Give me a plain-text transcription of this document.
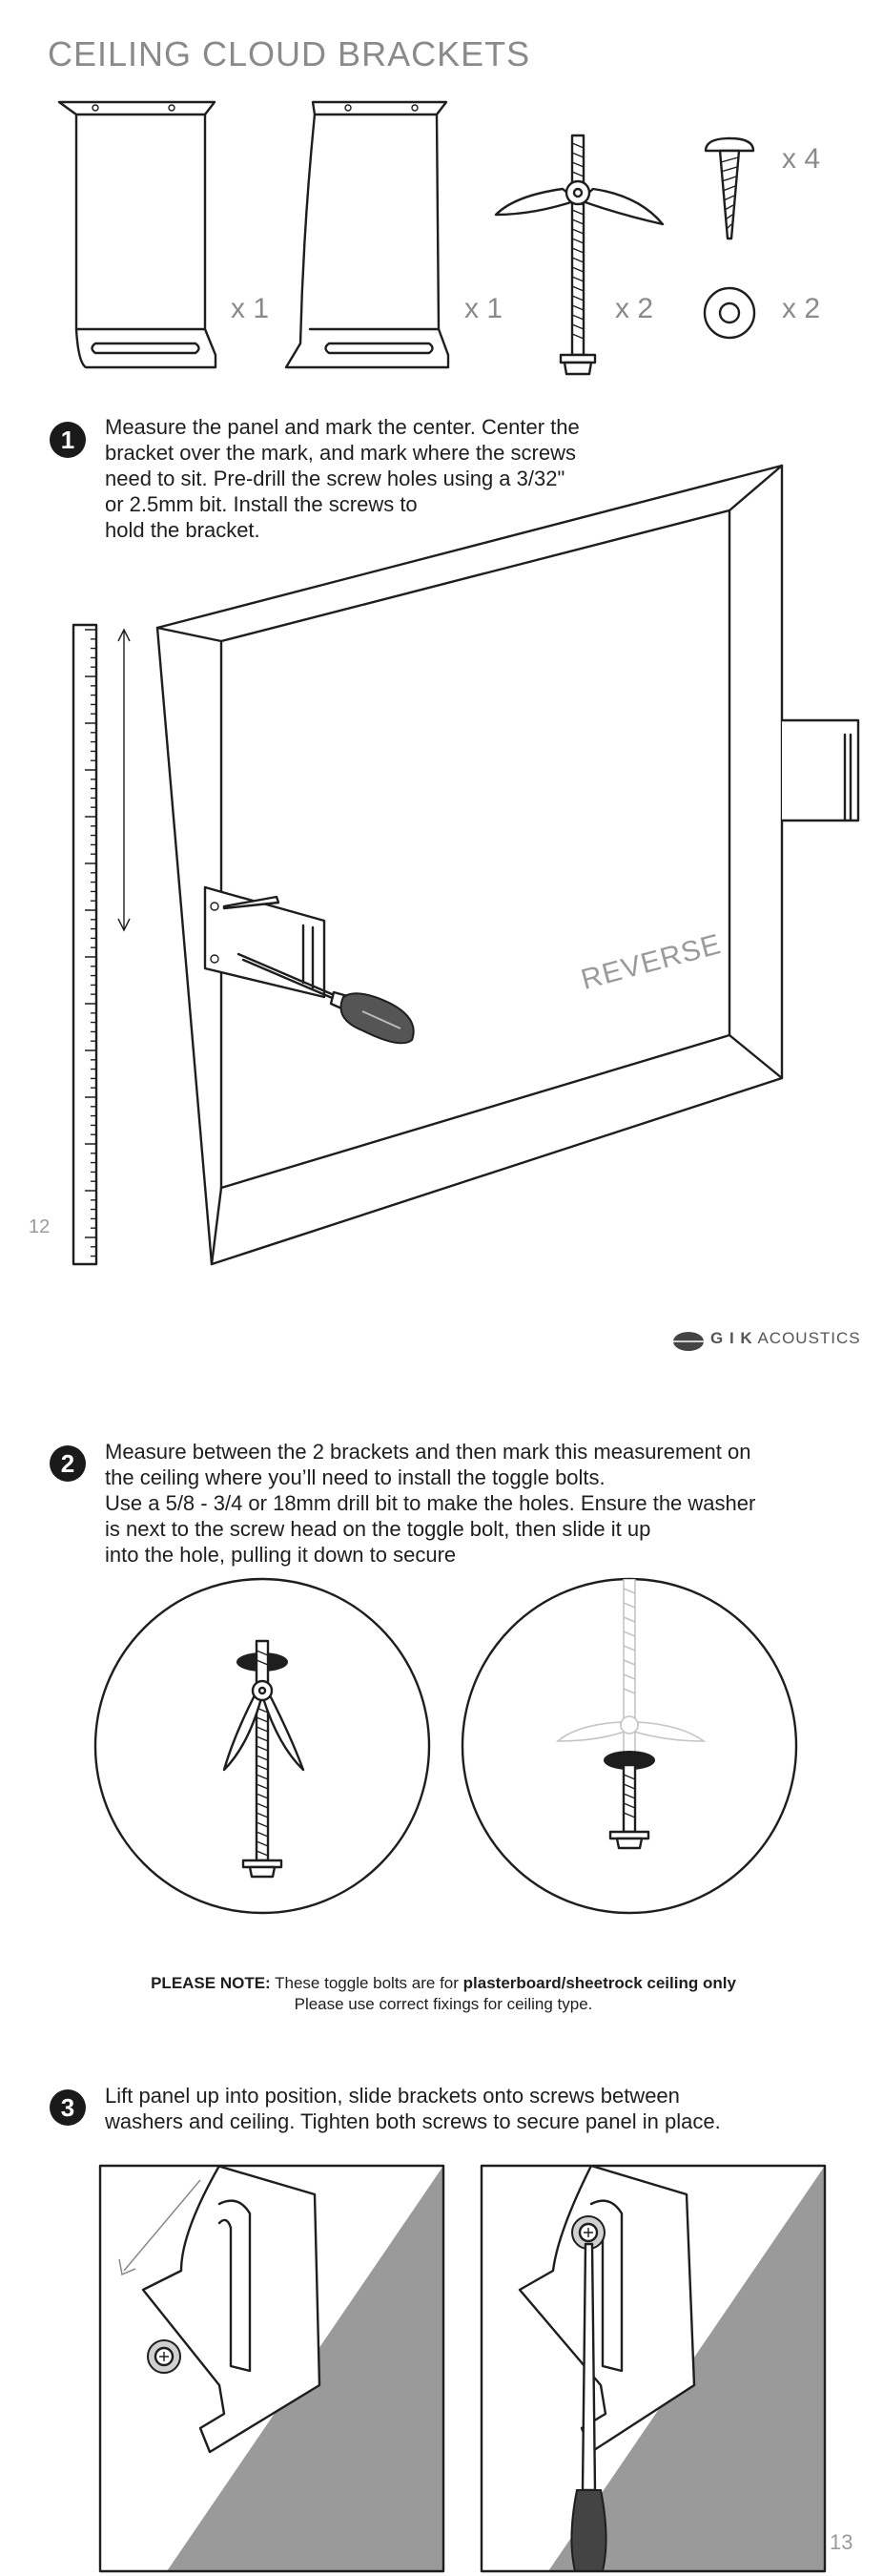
CEILING CLOUD BRACKETS
x 1	x 1	x 2
x 4
x 2
1	Measure the panel and mark the center. Center the
bracket over the mark, and mark where the screws
need to sit. Pre-drill the screw holes using a 3/32"
or 2.5mm bit. Install the screws to
hold the bracket.
REVERSE
12
G I K ACOUSTICS
2	Measure between the 2 brackets and then mark this measurement on
the ceiling where you’ll need to install the toggle bolts.
Use a 5/8 - 3/4 or 18mm drill bit to make the holes. Ensure the washer
is next to the screw head on the toggle bolt, then slide it up
into the hole, pulling it down to secure
PLEASE NOTE: These toggle bolts are for plasterboard/sheetrock ceiling only
Please use correct fixings for ceiling type.
3	Lift panel up into position, slide brackets onto screws between
washers and ceiling. Tighten both screws to secure panel in place.
13
